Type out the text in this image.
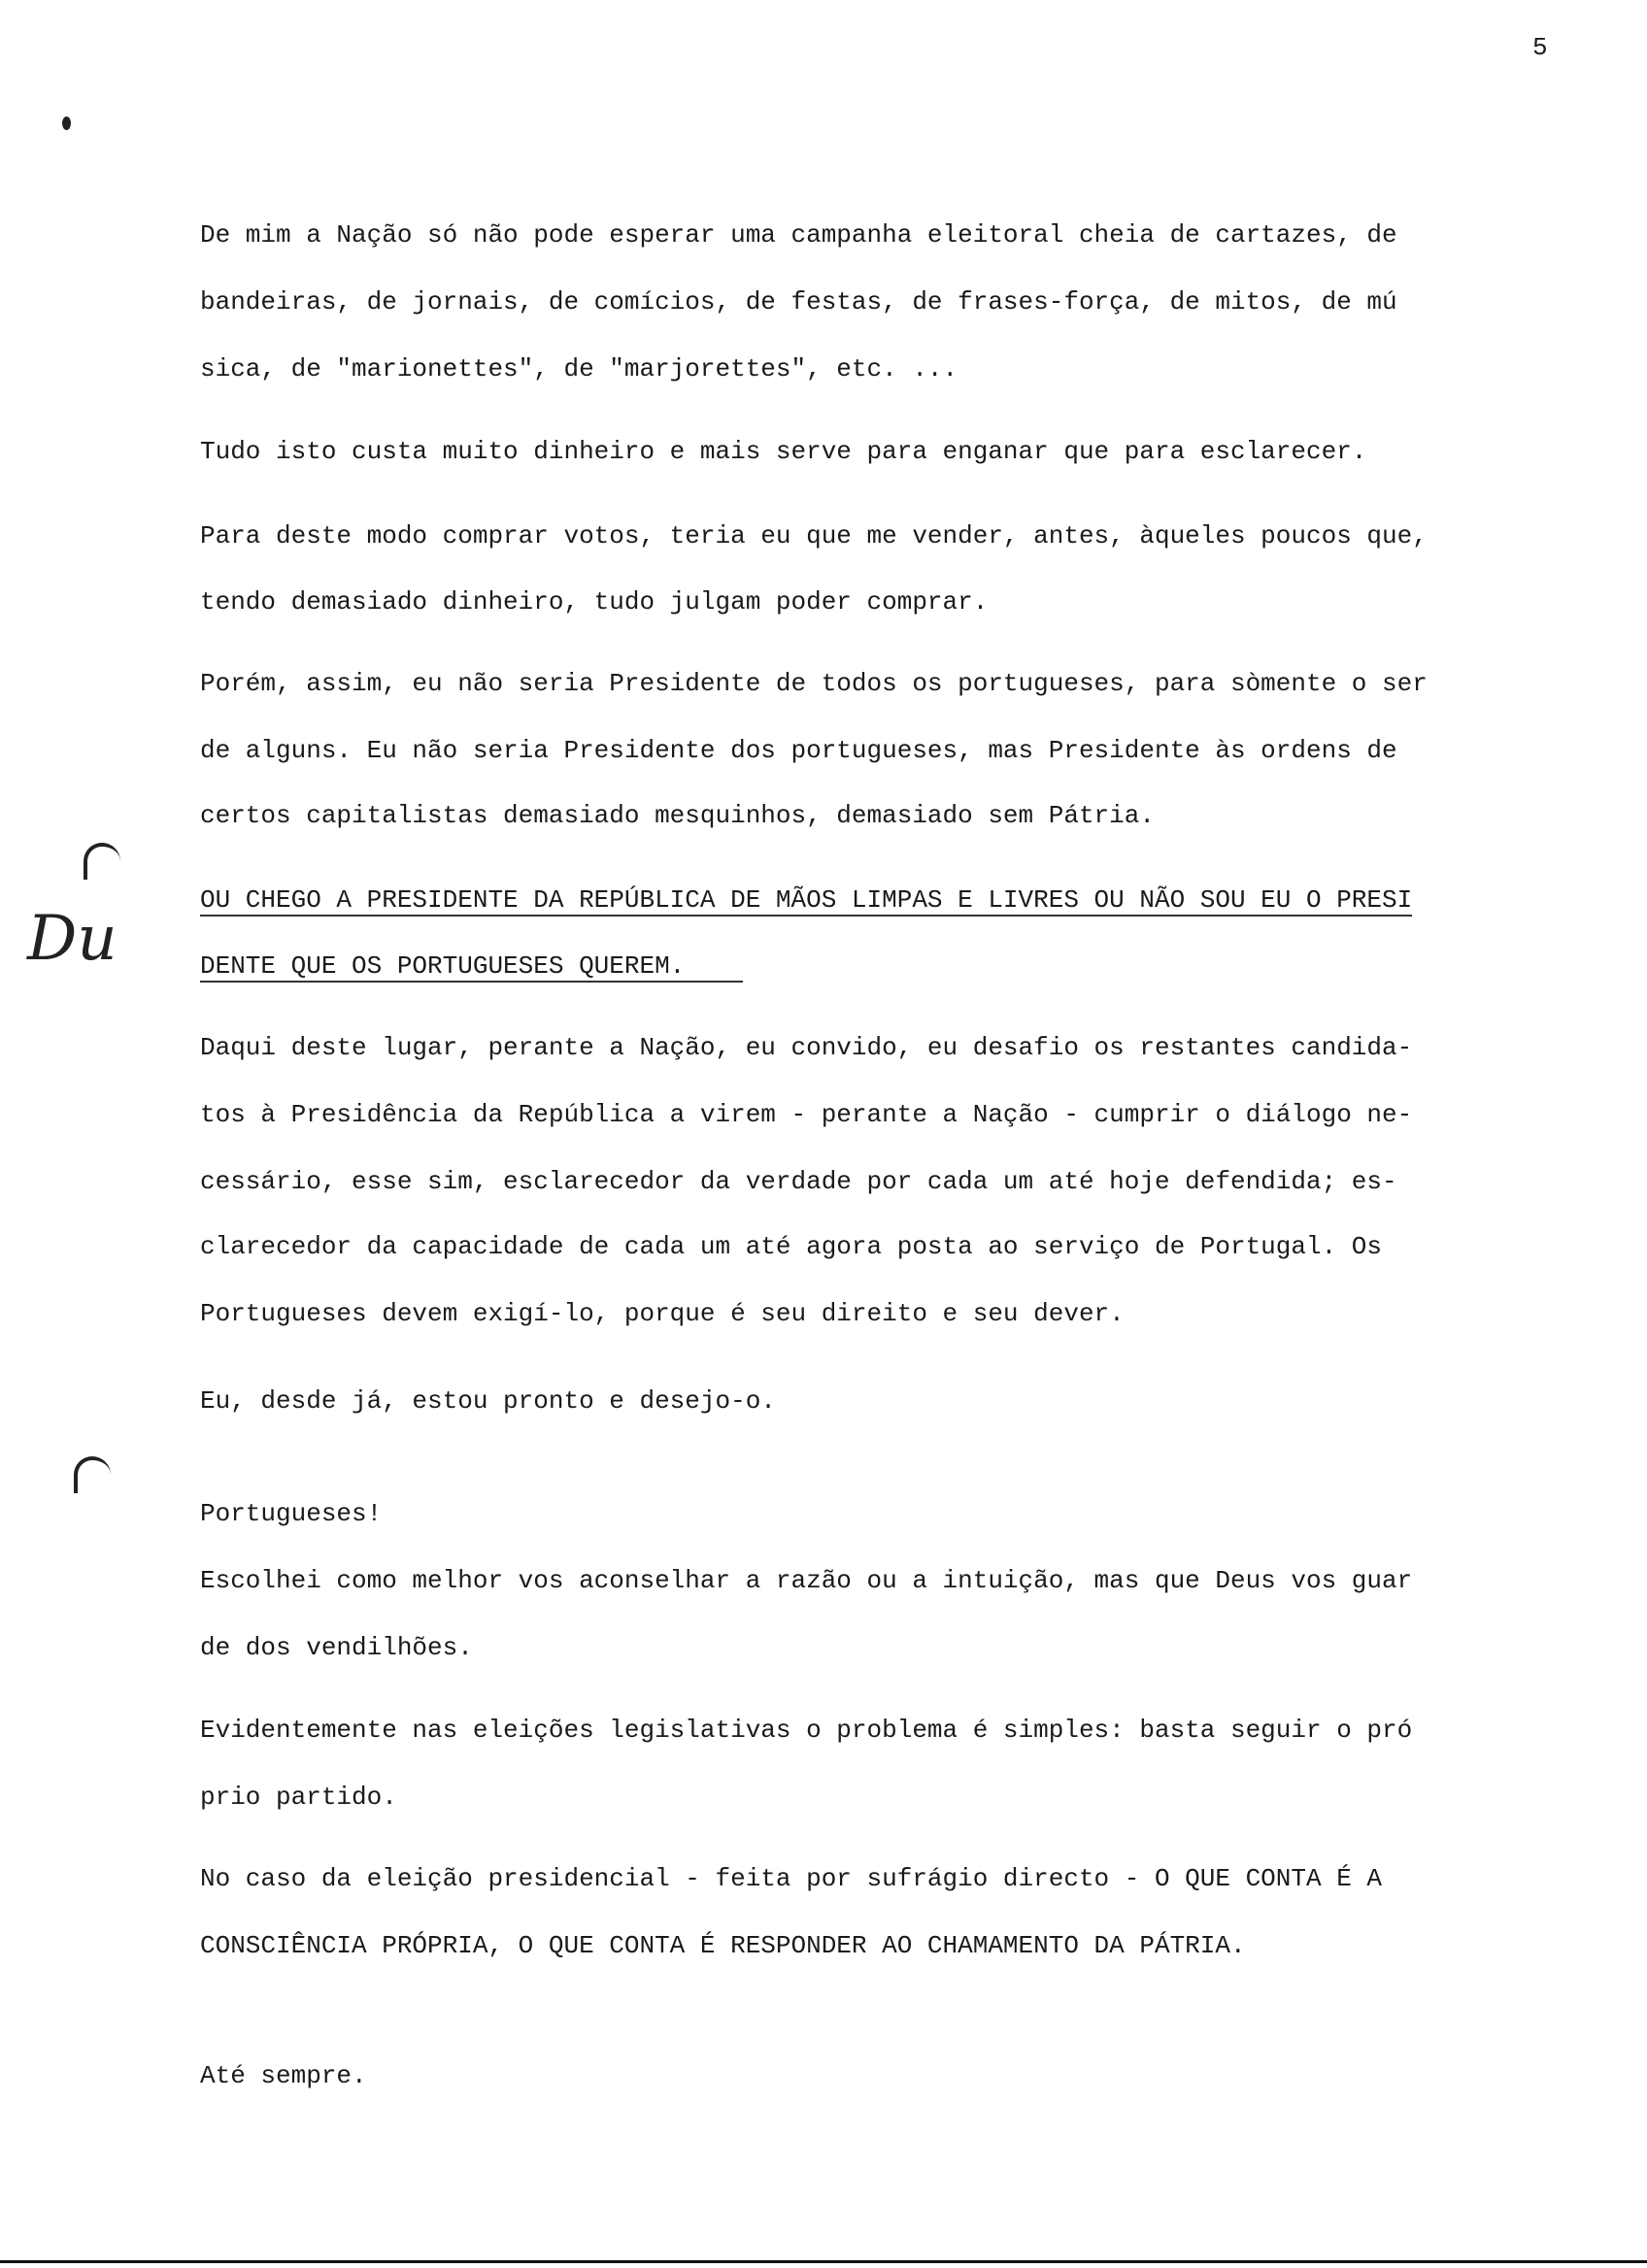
5
Du
De mim a Nação só não pode esperar uma campanha eleitoral cheia de cartazes, de
bandeiras, de jornais, de comícios, de festas, de frases-força, de mitos, de mú
sica, de "marionettes", de "marjorettes", etc. ...
Tudo isto custa muito dinheiro e mais serve para enganar que para esclarecer.
Para deste modo comprar votos, teria eu que me vender, antes, àqueles poucos que,
tendo demasiado dinheiro, tudo julgam poder comprar.
Porém, assim, eu não seria Presidente de todos os portugueses, para sòmente o ser
de alguns. Eu não seria Presidente dos portugueses, mas Presidente às ordens de
certos capitalistas demasiado mesquinhos, demasiado sem Pátria.
OU CHEGO A PRESIDENTE DA REPÚBLICA DE MÃOS LIMPAS E LIVRES OU NÃO SOU EU O PRESI
DENTE QUE OS PORTUGUESES QUEREM.
Daqui deste lugar, perante a Nação, eu convido, eu desafio os restantes candida-
tos à Presidência da República a virem - perante a Nação - cumprir o diálogo ne-
cessário, esse sim, esclarecedor da verdade por cada um até hoje defendida; es-
clarecedor da capacidade de cada um até agora posta ao serviço de Portugal. Os
Portugueses devem exigí-lo, porque é seu direito e seu dever.
Eu, desde já, estou pronto e desejo-o.
Portugueses!
Escolhei como melhor vos aconselhar a razão ou a intuição, mas que Deus vos guar
de dos vendilhões.
Evidentemente nas eleições legislativas o problema é simples: basta seguir o pró
prio partido.
No caso da eleição presidencial - feita por sufrágio directo - O QUE CONTA É A
CONSCIÊNCIA PRÓPRIA, O QUE CONTA É RESPONDER AO CHAMAMENTO DA PÁTRIA.
Até sempre.
